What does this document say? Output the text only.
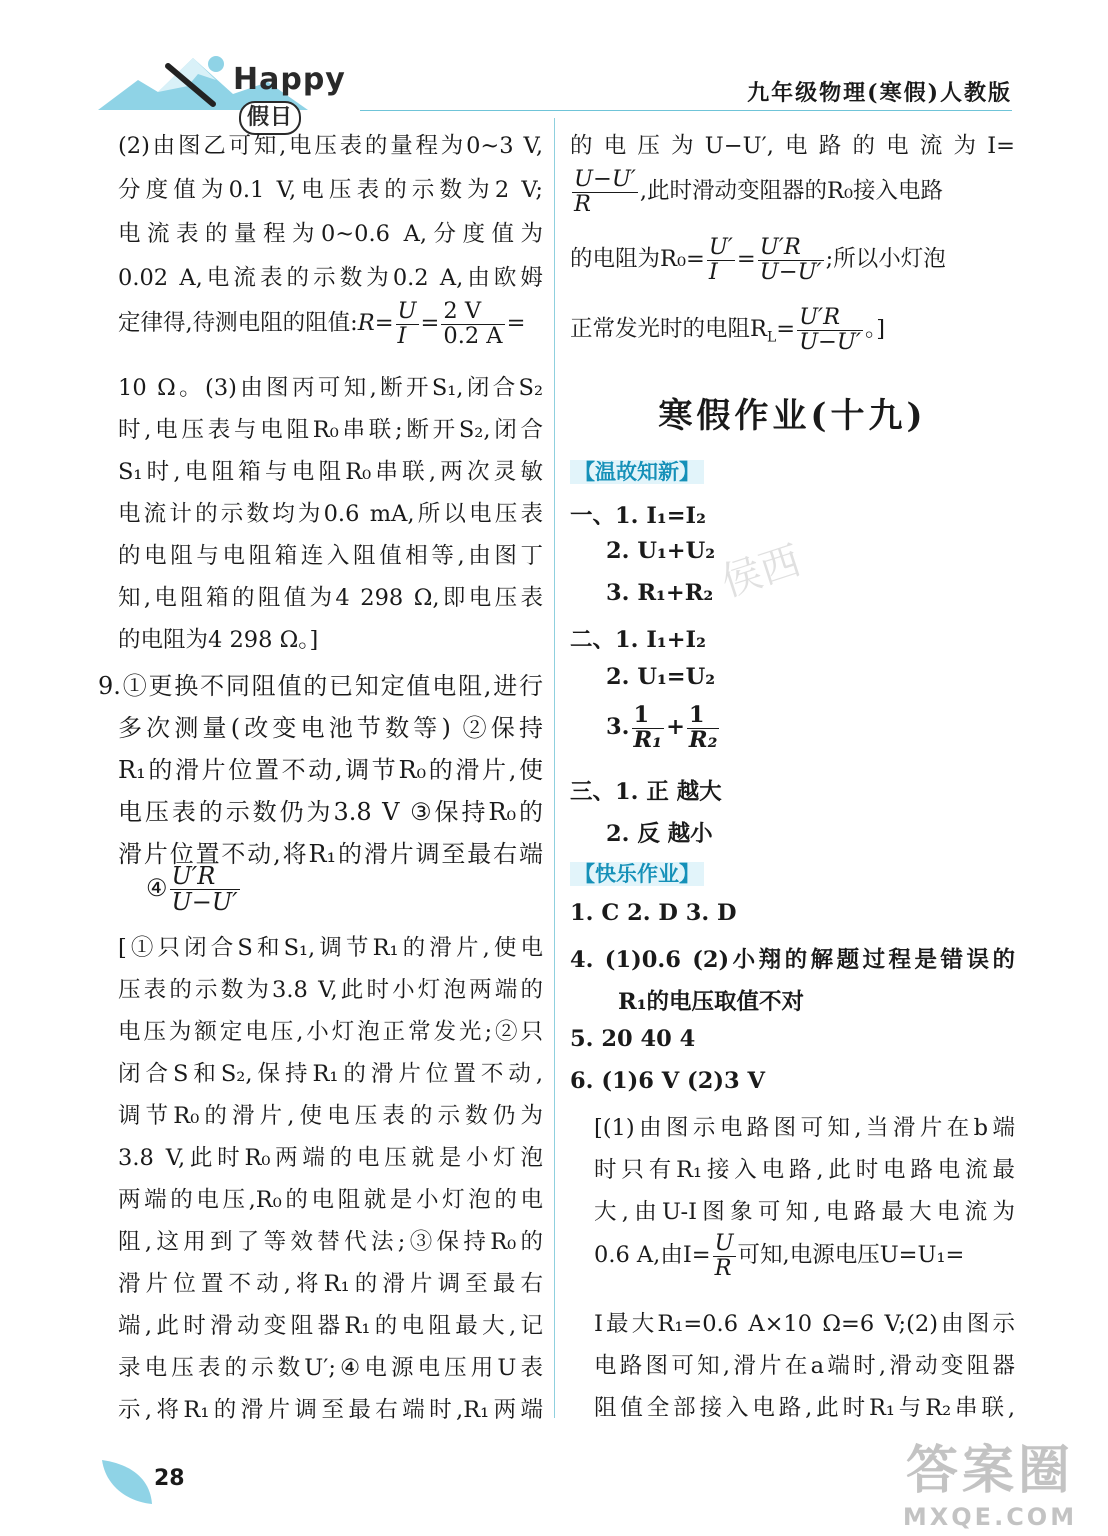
Happy假日
九年级物理(寒假)人教版
(2)由图乙可知,电压表的量程为0~3 V,
分度值为0.1 V,电压表的示数为2 V;
电流表的量程为0~0.6 A,分度值为
0.02 A,电流表的示数为0.2 A,由欧姆
定律得,待测电阻的阻值:R= $\frac{U}{I} = \frac{2 V}{0.2 A}$ =
10 Ω。(3)由图丙可知,断开S₁,闭合S₂
时,电压表与电阻R₀串联;断开S₂,闭合
S₁时,电阻箱与电阻R₀串联,两次灵敏
电流计的示数均为0.6 mA,所以电压表
的电阻与电阻箱连入阻值相等,由图丁
知,电阻箱的阻值为4 298 Ω,即电压表
的电阻为4 298 Ω。]
9.①更换不同阻值的已知定值电阻,进行
多次测量(改变电池节数等) ②保持
R₁的滑片位置不动,调节R₀的滑片,使
电压表的示数仍为3.8 V ③保持R₀的
滑片位置不动,将R₁的滑片调至最右端
④ $\frac{U'R}{U-U'}$
[①只闭合S和S₁,调节R₁的滑片,使电
压表的示数为3.8 V,此时小灯泡两端的
电压为额定电压,小灯泡正常发光;②只
闭合S和S₂,保持R₁的滑片位置不动,
调节R₀的滑片,使电压表的示数仍为
3.8 V,此时R₀两端的电压就是小灯泡
两端的电压,R₀的电阻就是小灯泡的电
阻,这用到了等效替代法;③保持R₀的
滑片位置不动,将R₁的滑片调至最右
端,此时滑动变阻器R₁的电阻最大,记
录电压表的示数U′;④电源电压用U表
示,将R₁的滑片调至最右端时,R₁两端
的电压为U−U′,电路的电流为I=
$\frac{U-U'}{R}$ ,此时滑动变阻器的R₀接入电路
的电阻为$R_0= \frac{U'}{I} = \frac{U'R}{U-U'}$ ;所以小灯泡
正常发光时的电阻$R_L= \frac{U'R}{U-U'}$ 。]
寒假作业(十九)
【温故知新】
一、1. I₁=I₂
2. U₁+U₂
3. R₁+R₂
二、1. I₁+I₂
2. U₁=U₂
3. $\frac{1}{\text{R₁}} + \frac{1}{\text{R₂}}$
三、1. 正 越大
2. 反 越小
【快乐作业】
1. C 2. D 3. D
4. (1)0.6 (2)小翔的解题过程是错误的
R₁的电压取值不对
5. 20 40 4
6. (1)6 V (2)3 V
[(1)由图示电路图可知,当滑片在b端
时只有R₁接入电路,此时电路电流最
大,由U-I图象可知,电路最大电流为
0.6 A,由$I= \frac{U}{R}$ 可知,电源电压U=U₁=
I最大R₁=0.6 A×10 Ω=6 V;(2)由图示
电路图可知,滑片在a端时,滑动变阻器
阻值全部接入电路,此时R₁与R₂串联,
侯西
28	答案圈
MXQE.COM
